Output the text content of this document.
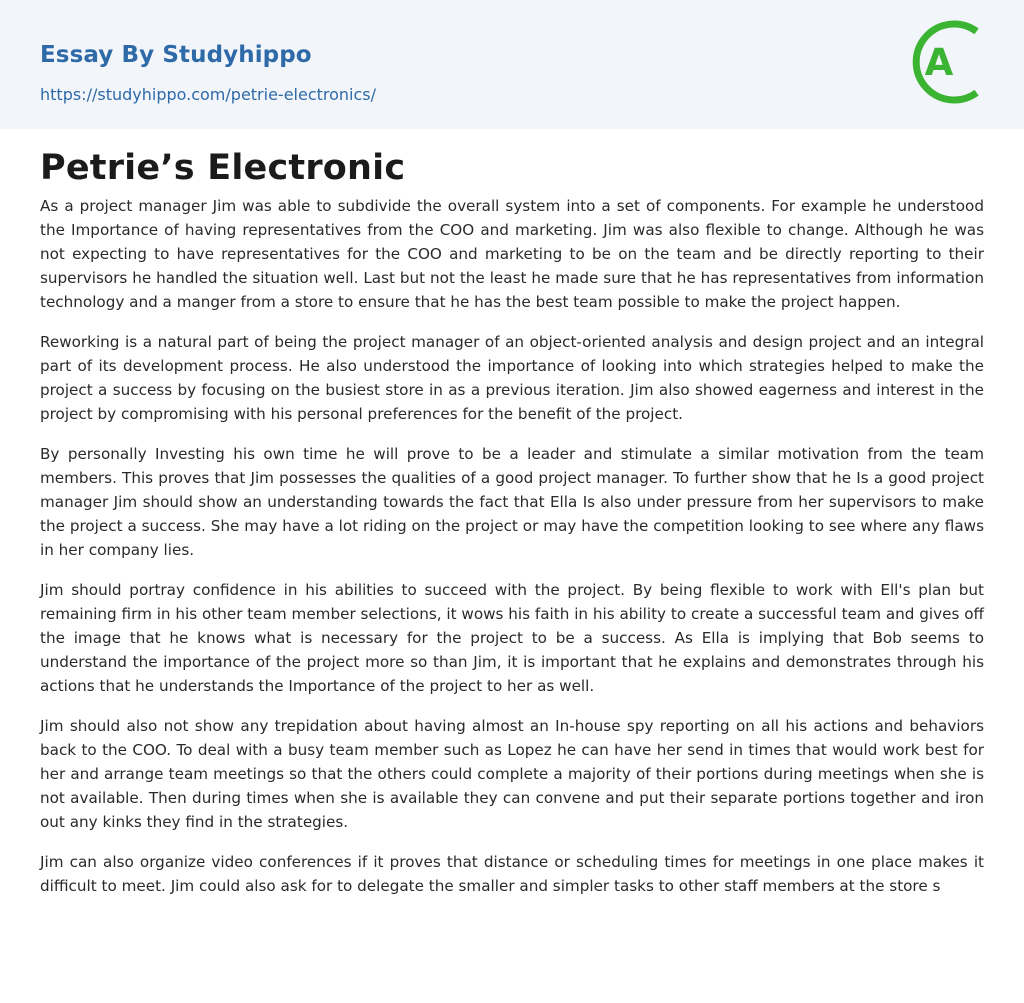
Essay By Studyhippo
https://studyhippo.com/petrie-electronics/
A
Petrie’s Electronic

As a project manager Jim was able to subdivide the overall system into a set of components. For example he understood the Importance of having representatives from the COO and marketing. Jim was also flexible to change. Although he was not expecting to have representatives for the COO and marketing to be on the team and be directly reporting to their supervisors he handled the situation well. Last but not the least he made sure that he has representatives from information technology and a manger from a store to ensure that he has the best team possible to make the project happen.

Reworking is a natural part of being the project manager of an object-oriented analysis and design project and an integral part of its development process. He also understood the importance of looking into which strategies helped to make the project a success by focusing on the busiest store in as a previous iteration. Jim also showed eagerness and interest in the project by compromising with his personal preferences for the benefit of the project.

By personally Investing his own time he will prove to be a leader and stimulate a similar motivation from the team members. This proves that Jim possesses the qualities of a good project manager. To further show that he Is a good project manager Jim should show an understanding towards the fact that Ella Is also under pressure from her supervisors to make the project a success. She may have a lot riding on the project or may have the competition looking to see where any flaws in her company lies.

Jim should portray confidence in his abilities to succeed with the project. By being flexible to work with Ell's plan but remaining firm in his other team member selections, it wows his faith in his ability to create a successful team and gives off the image that he knows what is necessary for the project to be a success. As Ella is implying that Bob seems to understand the importance of the project more so than Jim, it is important that he explains and demonstrates through his actions that he understands the Importance of the project to her as well.

Jim should also not show any trepidation about having almost an In-house spy reporting on all his actions and behaviors back to the COO. To deal with a busy team member such as Lopez he can have her send in times that would work best for her and arrange team meetings so that the others could complete a majority of their portions during meetings when she is not available. Then during times when she is available they can convene and put their separate portions together and iron out any kinks they find in the strategies.

Jim can also organize video conferences if it proves that distance or scheduling times for meetings in one place makes it difficult to meet. Jim could also ask for to delegate the smaller and simpler tasks to other staff members at the store s
